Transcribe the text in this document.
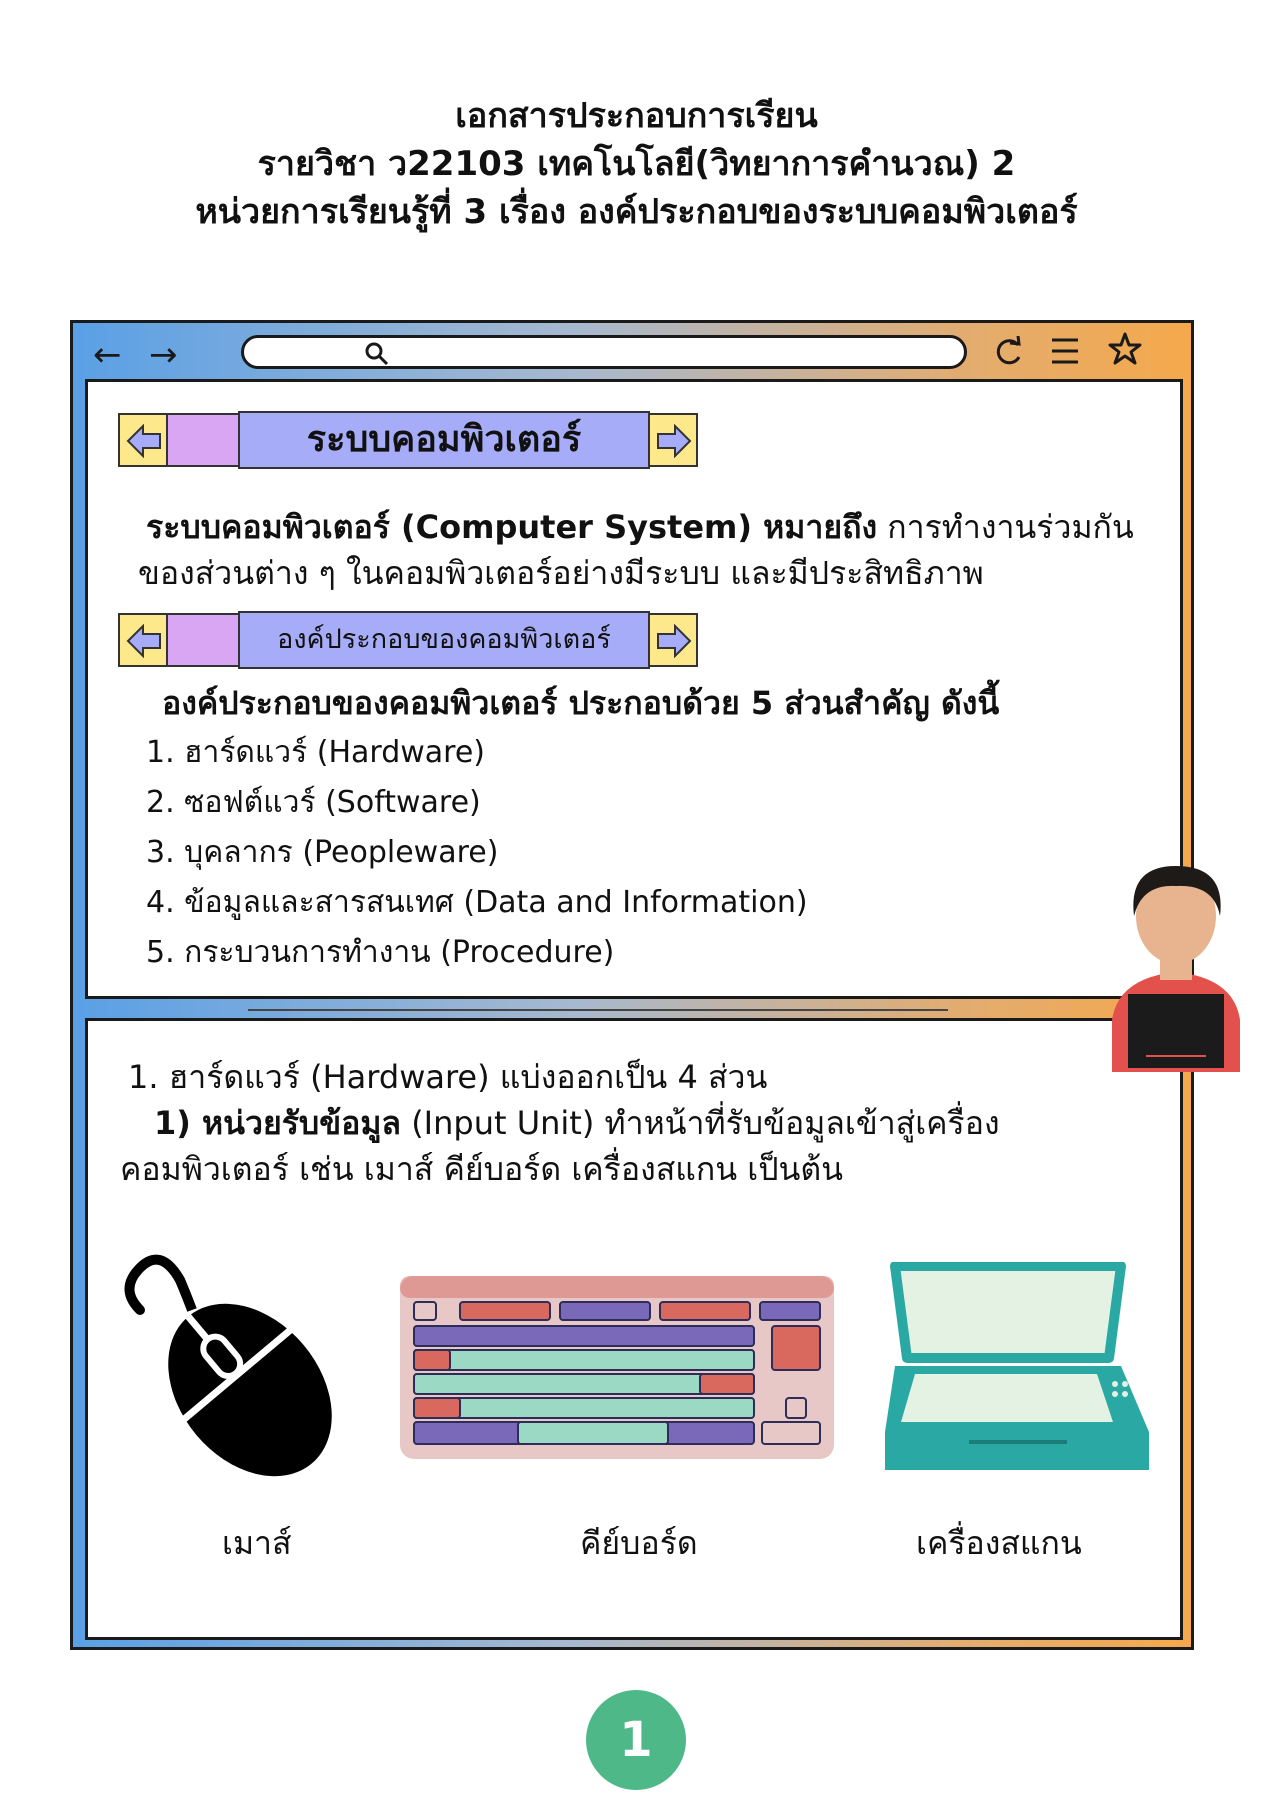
เอกสารประกอบการเรียน
รายวิชา ว22103 เทคโนโลยี(วิทยาการคำนวณ) 2
หน่วยการเรียนรู้ที่ 3 เรื่อง องค์ประกอบของระบบคอมพิวเตอร์
← →
ระบบคอมพิวเตอร์
ระบบคอมพิวเตอร์ (Computer System) หมายถึง การทำงานร่วมกัน
ของส่วนต่าง ๆ ในคอมพิวเตอร์อย่างมีระบบ และมีประสิทธิภาพ
องค์ประกอบของคอมพิวเตอร์
องค์ประกอบของคอมพิวเตอร์ ประกอบด้วย 5 ส่วนสำคัญ ดังนี้
1. ฮาร์ดแวร์ (Hardware)
2. ซอฟต์แวร์ (Software)
3. บุคลากร (Peopleware)
4. ข้อมูลและสารสนเทศ (Data and Information)
5. กระบวนการทำงาน (Procedure)
1. ฮาร์ดแวร์ (Hardware) แบ่งออกเป็น 4 ส่วน
1) หน่วยรับข้อมูล (Input Unit) ทำหน้าที่รับข้อมูลเข้าสู่เครื่อง
คอมพิวเตอร์ เช่น เมาส์ คีย์บอร์ด เครื่องสแกน เป็นต้น
เมาส์	คีย์บอร์ด	เครื่องสแกน
1
